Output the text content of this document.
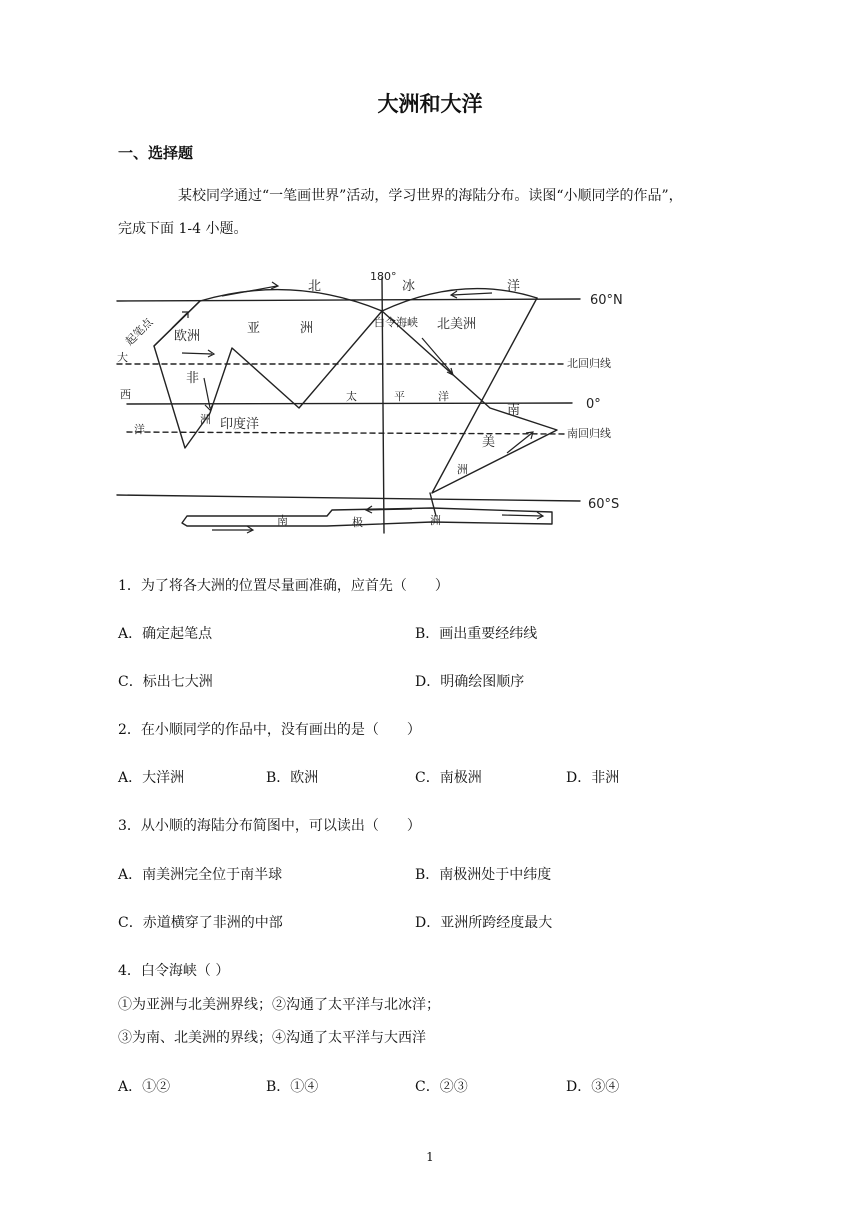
大洲和大洋
一、选择题
某校同学通过“一笔画世界”活动，学习世界的海陆分布。读图“小顺同学的作品”，
完成下面 1-4 小题。
60°N
0°
60°S
180°
北回归线
南回归线
北	冰	洋
欧洲
亚	洲	白令海峡 北美洲
非
洲
太	平	洋
印度洋
大
西
洋
南
美
洲
南	极	洲
起笔点
1．为了将各大洲的位置尽量画准确，应首先（　　）
A．确定起笔点	B．画出重要经纬线
C．标出七大洲	D．明确绘图顺序
2．在小顺同学的作品中，没有画出的是（　　）
A．大洋洲	B．欧洲	C．南极洲	D．非洲
3．从小顺的海陆分布简图中，可以读出（　　）
A．南美洲完全位于南半球	B．南极洲处于中纬度
C．赤道横穿了非洲的中部	D．亚洲所跨经度最大
4．白令海峡（ ）
①为亚洲与北美洲界线；②沟通了太平洋与北冰洋；
③为南、北美洲的界线；④沟通了太平洋与大西洋
A．①②	B．①④	C．②③	D．③④
1
